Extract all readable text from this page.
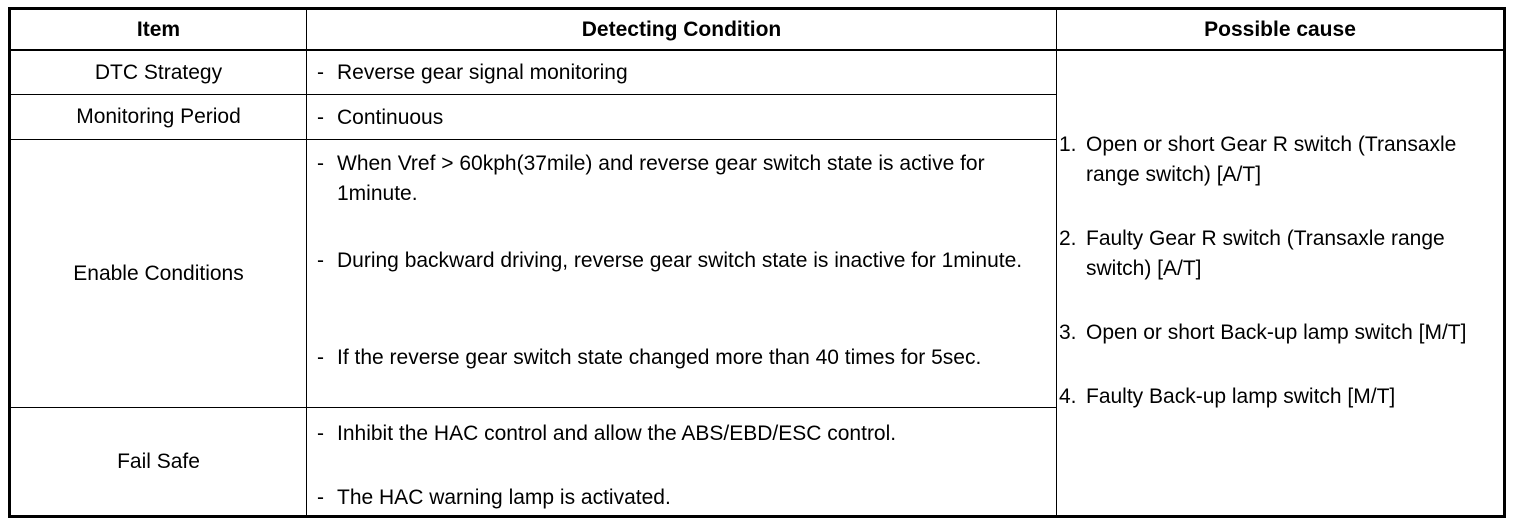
Item	Detecting Condition	Possible cause
DTC Strategy
Monitoring Period
Enable Conditions
Fail Safe
- Reverse gear signal monitoring
- Continuous
- When Vref > 60kph(37mile) and reverse gear switch state is active for 1minute.
- During backward driving, reverse gear switch state is inactive for 1minute.
- If the reverse gear switch state changed more than 40 times for 5sec.
- Inhibit the HAC control and allow the ABS/EBD/ESC control.
- The HAC warning lamp is activated.
1. Open or short Gear R switch (Transaxle range switch) [A/T]
2. Faulty Gear R switch (Transaxle range switch) [A/T]
3. Open or short Back-up lamp switch [M/T]
4. Faulty Back-up lamp switch [M/T]
